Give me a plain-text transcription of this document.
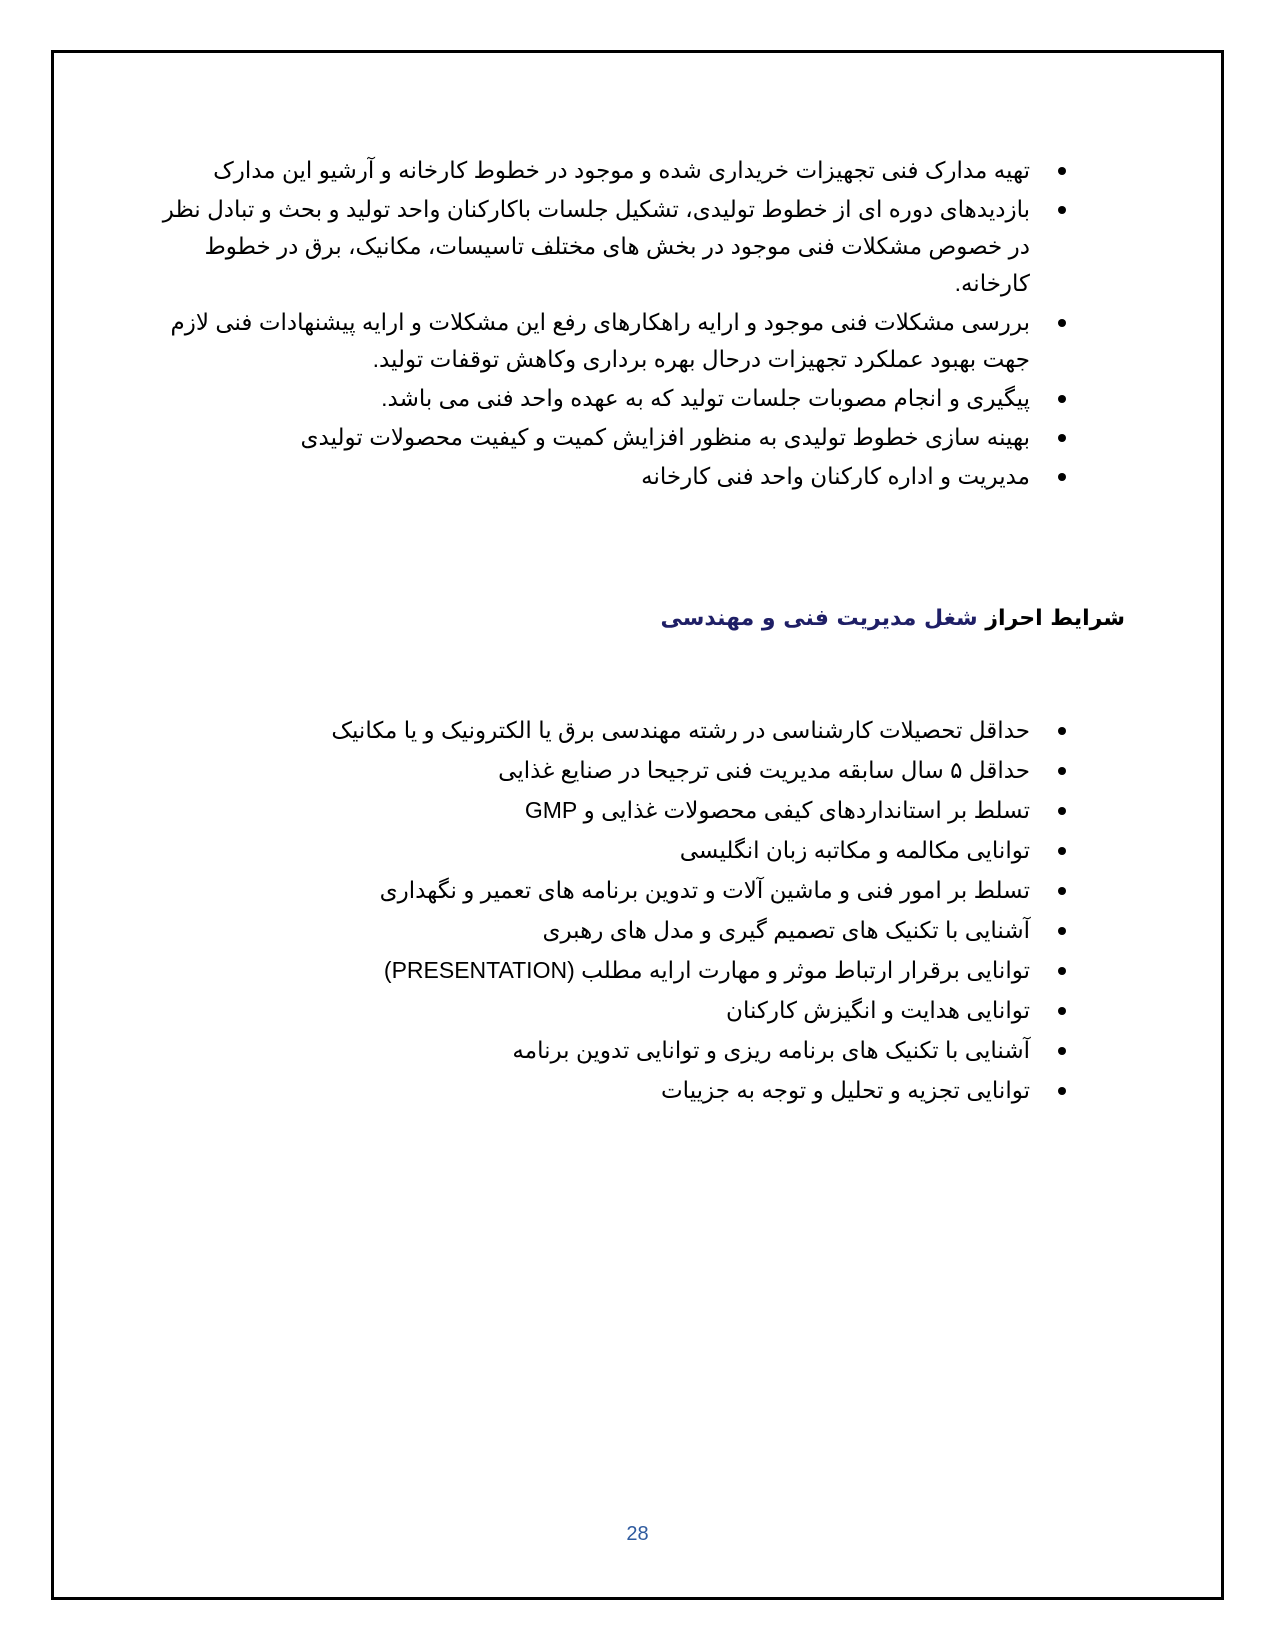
تهیه مدارک فنی تجهیزات خریداری شده و موجود در خطوط کارخانه و آرشیو این مدارک
بازدیدهای دوره ای از خطوط تولیدی، تشکیل جلسات باکارکنان واحد تولید و بحث و تبادل نظر در خصوص مشکلات فنی موجود در بخش های مختلف تاسیسات، مکانیک، برق در خطوط کارخانه.
بررسی مشکلات فنی موجود و ارایه راهکارهای رفع این مشکلات و ارایه پیشنهادات فنی لازم جهت بهبود عملکرد تجهیزات درحال بهره برداری وکاهش توقفات تولید.
پیگیری و انجام مصوبات جلسات تولید که به عهده واحد فنی می باشد.
بهینه سازی خطوط تولیدی به منظور افزایش کمیت و کیفیت محصولات تولیدی
مدیریت و اداره کارکنان واحد فنی کارخانه
شرایط احراز شغل مدیریت فنی و مهندسی
حداقل تحصیلات کارشناسی در رشته مهندسی برق یا الکترونیک و یا مکانیک
حداقل ۵ سال سابقه مدیریت فنی ترجیحا در صنایع غذایی
تسلط بر استانداردهای کیفی محصولات غذایی و GMP
توانایی مکالمه و مکاتبه زبان انگلیسی
تسلط بر امور فنی و ماشین آلات و تدوین برنامه های تعمیر و نگهداری
آشنایی با تکنیک های تصمیم گیری و مدل های رهبری
توانایی برقرار ارتباط موثر و مهارت ارایه مطلب (PRESENTATION)
توانایی هدایت و انگیزش کارکنان
آشنایی با تکنیک های برنامه ریزی و توانایی تدوین برنامه
توانایی تجزیه و تحلیل و توجه به جزییات
28
